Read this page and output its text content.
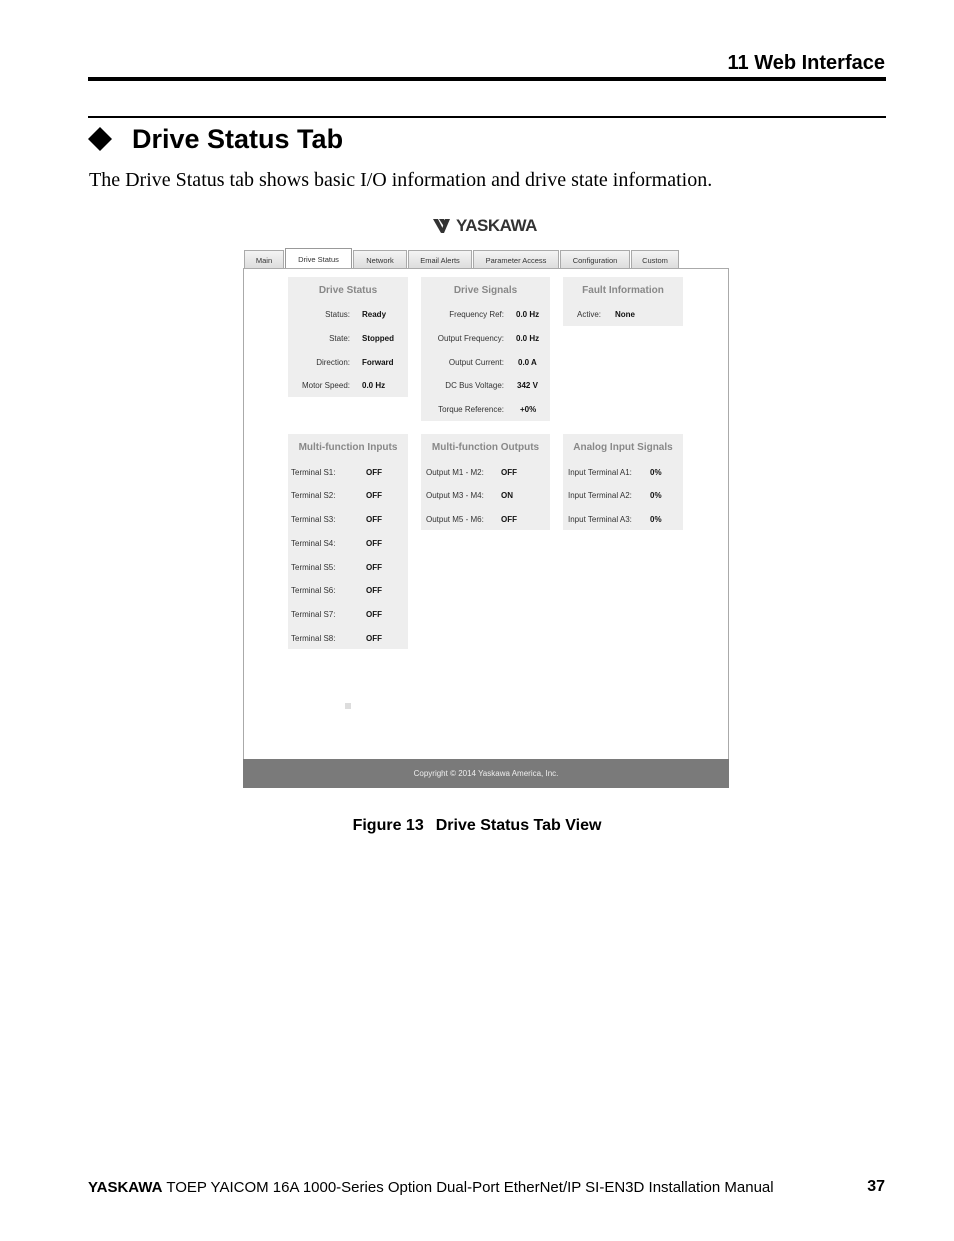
11 Web Interface
Drive Status Tab
The Drive Status tab shows basic I/O information and drive state information.
YASKAWA
Main	Drive Status	Network	Email Alerts	Parameter Access	Configuration	Custom
Drive Status
Status: Ready
State: Stopped
Direction: Forward
Motor Speed: 0.0 Hz
Drive Signals
Frequency Ref: 0.0 Hz
Output Frequency: 0.0 Hz
Output Current: 0.0 A
DC Bus Voltage: 342 V
Torque Reference: +0%
Fault Information
Active: None
Multi-function Inputs
Terminal S1:	OFF
Terminal S2:	OFF
Terminal S3:	OFF
Terminal S4:	OFF
Terminal S5:	OFF
Terminal S6:	OFF
Terminal S7:	OFF
Terminal S8:	OFF
Multi-function Outputs
Output M1 - M2: OFF
Output M3 - M4: ON
Output M5 - M6: OFF
Analog Input Signals
Input Terminal A1: 0%
Input Terminal A2: 0%
Input Terminal A3: 0%
Copyright © 2014 Yaskawa America, Inc.
Figure 13 Drive Status Tab View
YASKAWA TOEP YAICOM 16A 1000-Series Option Dual-Port EtherNet/IP SI-EN3D Installation Manual	37
